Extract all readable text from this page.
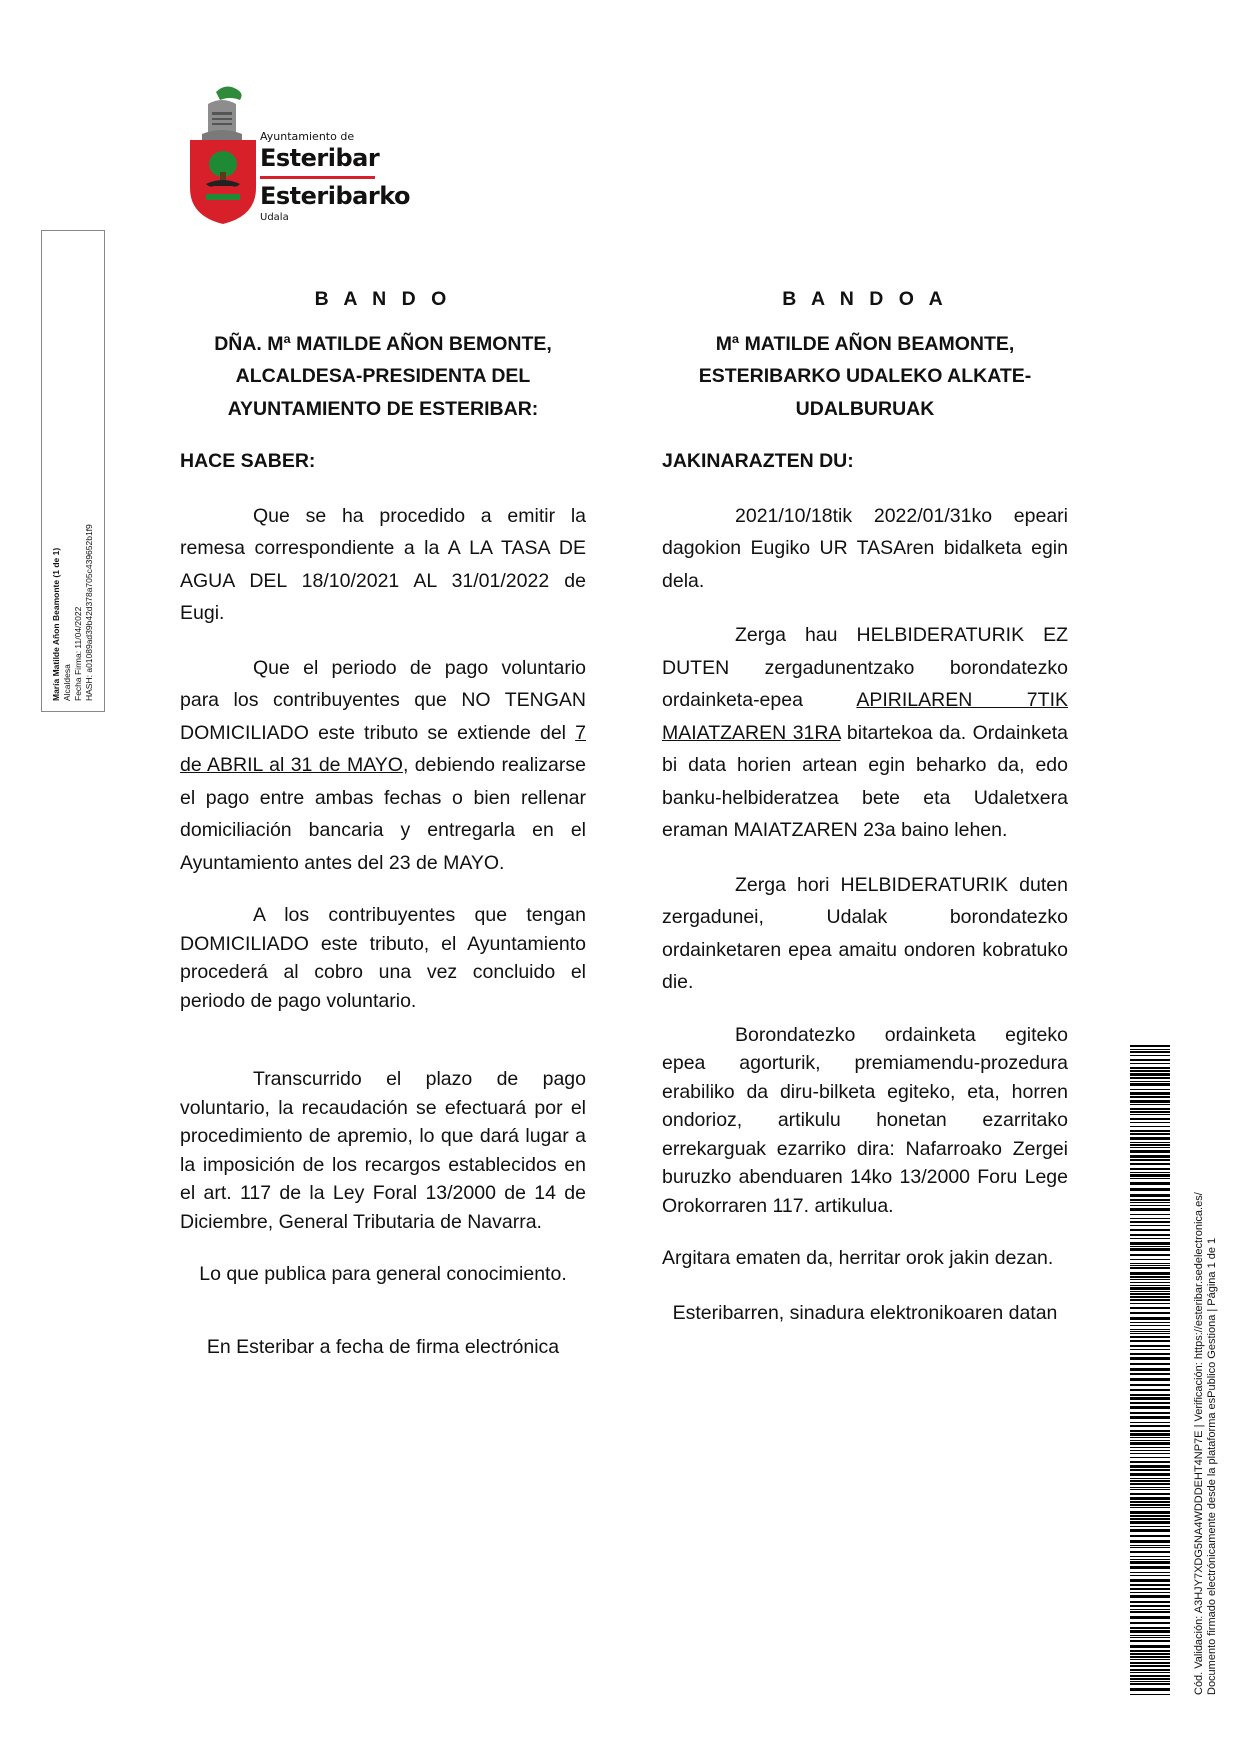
Ayuntamiento de
Esteribar
Esteribarko
Udala
María Matilde Añon Beamonte (1 de 1) Alcaldesa Fecha Firma: 11/04/2022 HASH: a01089ad39b42d378a705c439652b1f9

B A N D O

DÑA. Mª MATILDE AÑON BEMONTE, ALCALDESA-PRESIDENTA DEL AYUNTAMIENTO DE ESTERIBAR:

HACE SABER:

Que se ha procedido a emitir la remesa correspondiente a la A LA TASA DE AGUA DEL 18/10/2021 AL 31/01/2022 de Eugi.

Que el periodo de pago voluntario para los contribuyentes que NO TENGAN DOMICILIADO este tributo se extiende del 7 de ABRIL al 31 de MAYO, debiendo realizarse el pago entre ambas fechas o bien rellenar domiciliación bancaria y entregarla en el Ayuntamiento antes del 23 de MAYO.

A los contribuyentes que tengan DOMICILIADO este tributo, el Ayuntamiento procederá al cobro una vez concluido el periodo de pago voluntario.

Transcurrido el plazo de pago voluntario, la recaudación se efectuará por el procedimiento de apremio, lo que dará lugar a la imposición de los recargos establecidos en el art. 117 de la Ley Foral 13/2000 de 14 de Diciembre, General Tributaria de Navarra.

Lo que publica para general conocimiento.

En Esteribar a fecha de firma electrónica

B A N D O A

Mª MATILDE AÑON BEAMONTE, ESTERIBARKO UDALEKO ALKATE-UDALBURUAK

JAKINARAZTEN DU:

2021/10/18tik 2022/01/31ko epeari dagokion Eugiko UR TASAren bidalketa egin dela.

Zerga hau HELBIDERATURIK EZ DUTEN zergadunentzako borondatezko ordainketa-epea APIRILAREN 7TIK MAIATZAREN 31RA bitartekoa da. Ordainketa bi data horien artean egin beharko da, edo banku-helbideratzea bete eta Udaletxera eraman MAIATZAREN 23a baino lehen.

Zerga hori HELBIDERATURIK duten zergadunei, Udalak borondatezko ordainketaren epea amaitu ondoren kobratuko die.

Borondatezko ordainketa egiteko epea agorturik, premiamendu-prozedura erabiliko da diru-bilketa egiteko, eta, horren ondorioz, artikulu honetan ezarritako errekarguak ezarriko dira: Nafarroako Zergei buruzko abenduaren 14ko 13/2000 Foru Lege Orokorraren 117. artikulua.

Argitara ematen da, herritar orok jakin dezan.

Esteribarren, sinadura elektronikoaren datan	Cód. Validación: A3HJY7XDG5NA4WDDDEHT4NP7E | Verificación: https://esteribar.sedelectronica.es/ Documento firmado electrónicamente desde la plataforma esPublico Gestiona | Página 1 de 1
